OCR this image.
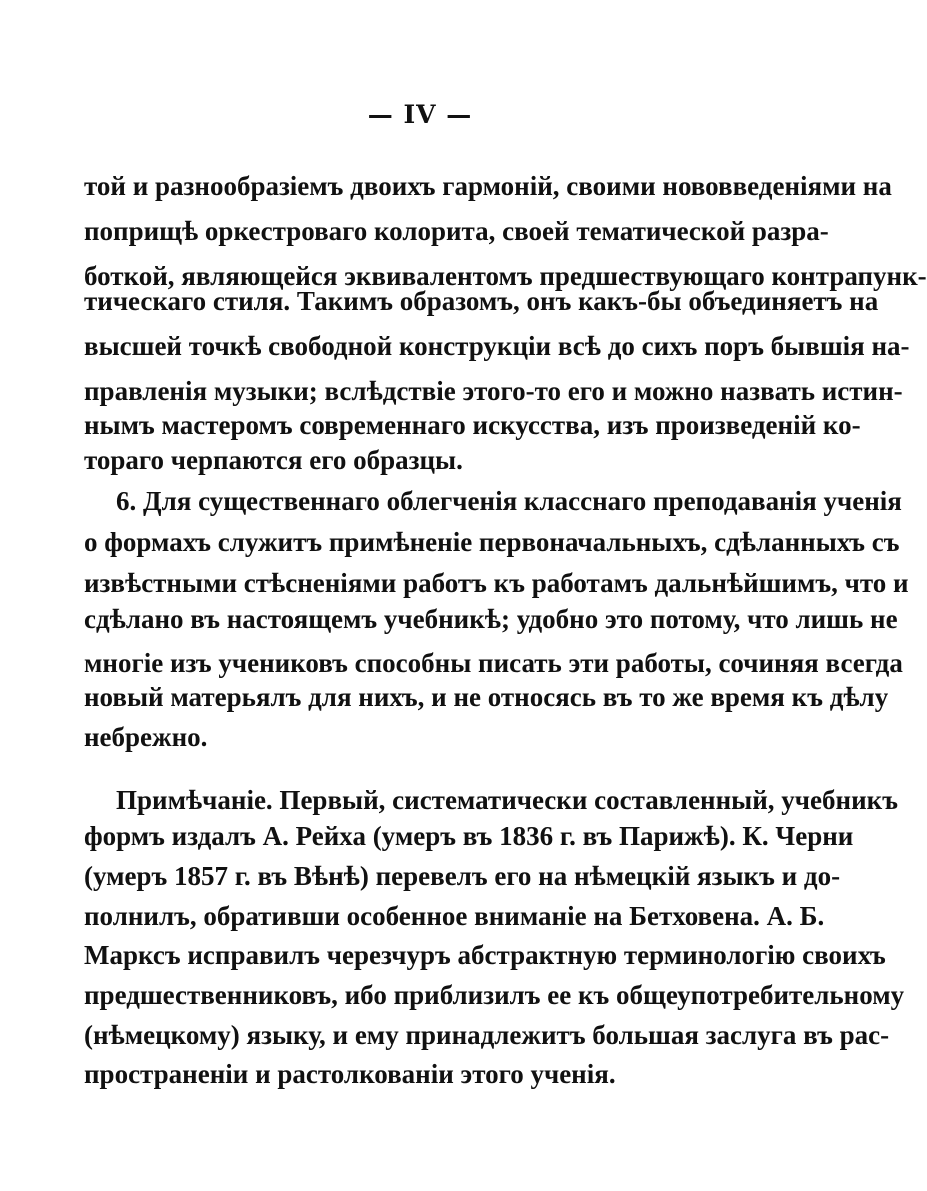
— IV —
той и разнообразіемъ двоихъ гармоній, своими нововведеніями на
поприщѣ оркестроваго колорита, своей тематической разра-
боткой, являющейся эквивалентомъ предшествующаго контрапунк-
тическаго стиля. Такимъ образомъ, онъ какъ-бы объединяетъ на
высшей точкѣ свободной конструкціи всѣ до сихъ поръ бывшія на-
правленія музыки; вслѣдствіе этого-то его и можно назвать истин-
нымъ мастеромъ современнаго искусства, изъ произведеній ко-
тораго черпаются его образцы.
6. Для существеннаго облегченія класснаго преподаванія ученія
о формахъ служитъ примѣненіе первоначальныхъ, сдѣланныхъ съ
извѣстными стѣсненіями работъ къ работамъ дальнѣйшимъ, что и
сдѣлано въ настоящемъ учебникѣ; удобно это потому, что лишь не
многіе изъ учениковъ способны писать эти работы, сочиняя всегда
новый матерьялъ для нихъ, и не относясь въ то же время къ дѣлу
небрежно.
Примѣчаніе. Первый, систематически составленный, учебникъ
формъ издалъ А. Рейха (умеръ въ 1836 г. въ Парижѣ). К. Черни
(умеръ 1857 г. въ Вѣнѣ) перевелъ его на нѣмецкій языкъ и до-
полнилъ, обративши особенное вниманіе на Бетховена. А. Б.
Марксъ исправилъ черезчуръ абстрактную терминологію своихъ
предшественниковъ, ибо приблизилъ ее къ общеупотребительному
(нѣмецкому) языку, и ему принадлежитъ большая заслуга въ рас-
пространеніи и растолкованіи этого ученія.
